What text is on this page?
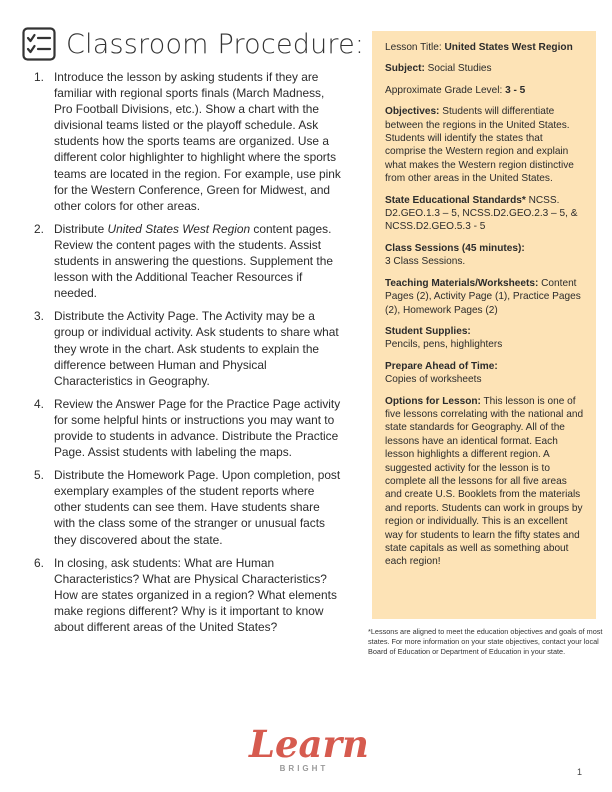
Classroom Procedure:
1. Introduce the lesson by asking students if they are familiar with regional sports finals (March Madness, Pro Football Divisions, etc.). Show a chart with the divisional teams listed or the playoff schedule. Ask students how the sports teams are organized. Use a different color highlighter to highlight where the sports teams are located in the region. For example, use pink for the Western Conference, Green for Midwest, and other colors for other areas.
2. Distribute United States West Region content pages. Review the content pages with the students. Assist students in answering the questions. Supplement the lesson with the Additional Teacher Resources if needed.
3. Distribute the Activity Page. The Activity may be a group or individual activity. Ask students to share what they wrote in the chart. Ask students to explain the difference between Human and Physical Characteristics in Geography.
4. Review the Answer Page for the Practice Page activity for some helpful hints or instructions you may want to provide to students in advance. Distribute the Practice Page. Assist students with labeling the maps.
5. Distribute the Homework Page. Upon completion, post exemplary examples of the student reports where other students can see them. Have students share with the class some of the stranger or unusual facts they discovered about the state.
6. In closing, ask students: What are Human Characteristics? What are Physical Characteristics?How are states organized in a region? What elements make regions different? Why is it important to know about different areas of the United States?

Lesson Title: United States West Region

Subject: Social Studies

Approximate Grade Level: 3 - 5

Objectives: Students will differentiate between the regions in the United States. Students will identify the states that comprise the Western region and explain what makes the Western region distinctive from other areas in the United States.

State Educational Standards* NCSS. D2.GEO.1.3 – 5, NCSS.D2.GEO.2.3 – 5, & NCSS.D2.GEO.5.3 - 5

Class Sessions (45 minutes):
3 Class Sessions.

Teaching Materials/Worksheets: Content Pages (2), Activity Page (1), Practice Pages (2), Homework Pages (2)

Student Supplies:
Pencils, pens, highlighters

Prepare Ahead of Time:
Copies of worksheets

Options for Lesson: This lesson is one of five lessons correlating with the national and state standards for Geography. All of the lessons have an identical format. Each lesson highlights a different region. A suggested activity for the lesson is to complete all the lessons for all five areas and create U.S. Booklets from the materials and reports. Students can work in groups by region or individually. This is an excellent way for students to learn the fifty states and state capitals as well as something about each region!

*Lessons are aligned to meet the education objectives and goals of most states. For more information on your state objectives, contact your local Board of Education or Department of Education in your state.

Learn
BRIGHT	1
